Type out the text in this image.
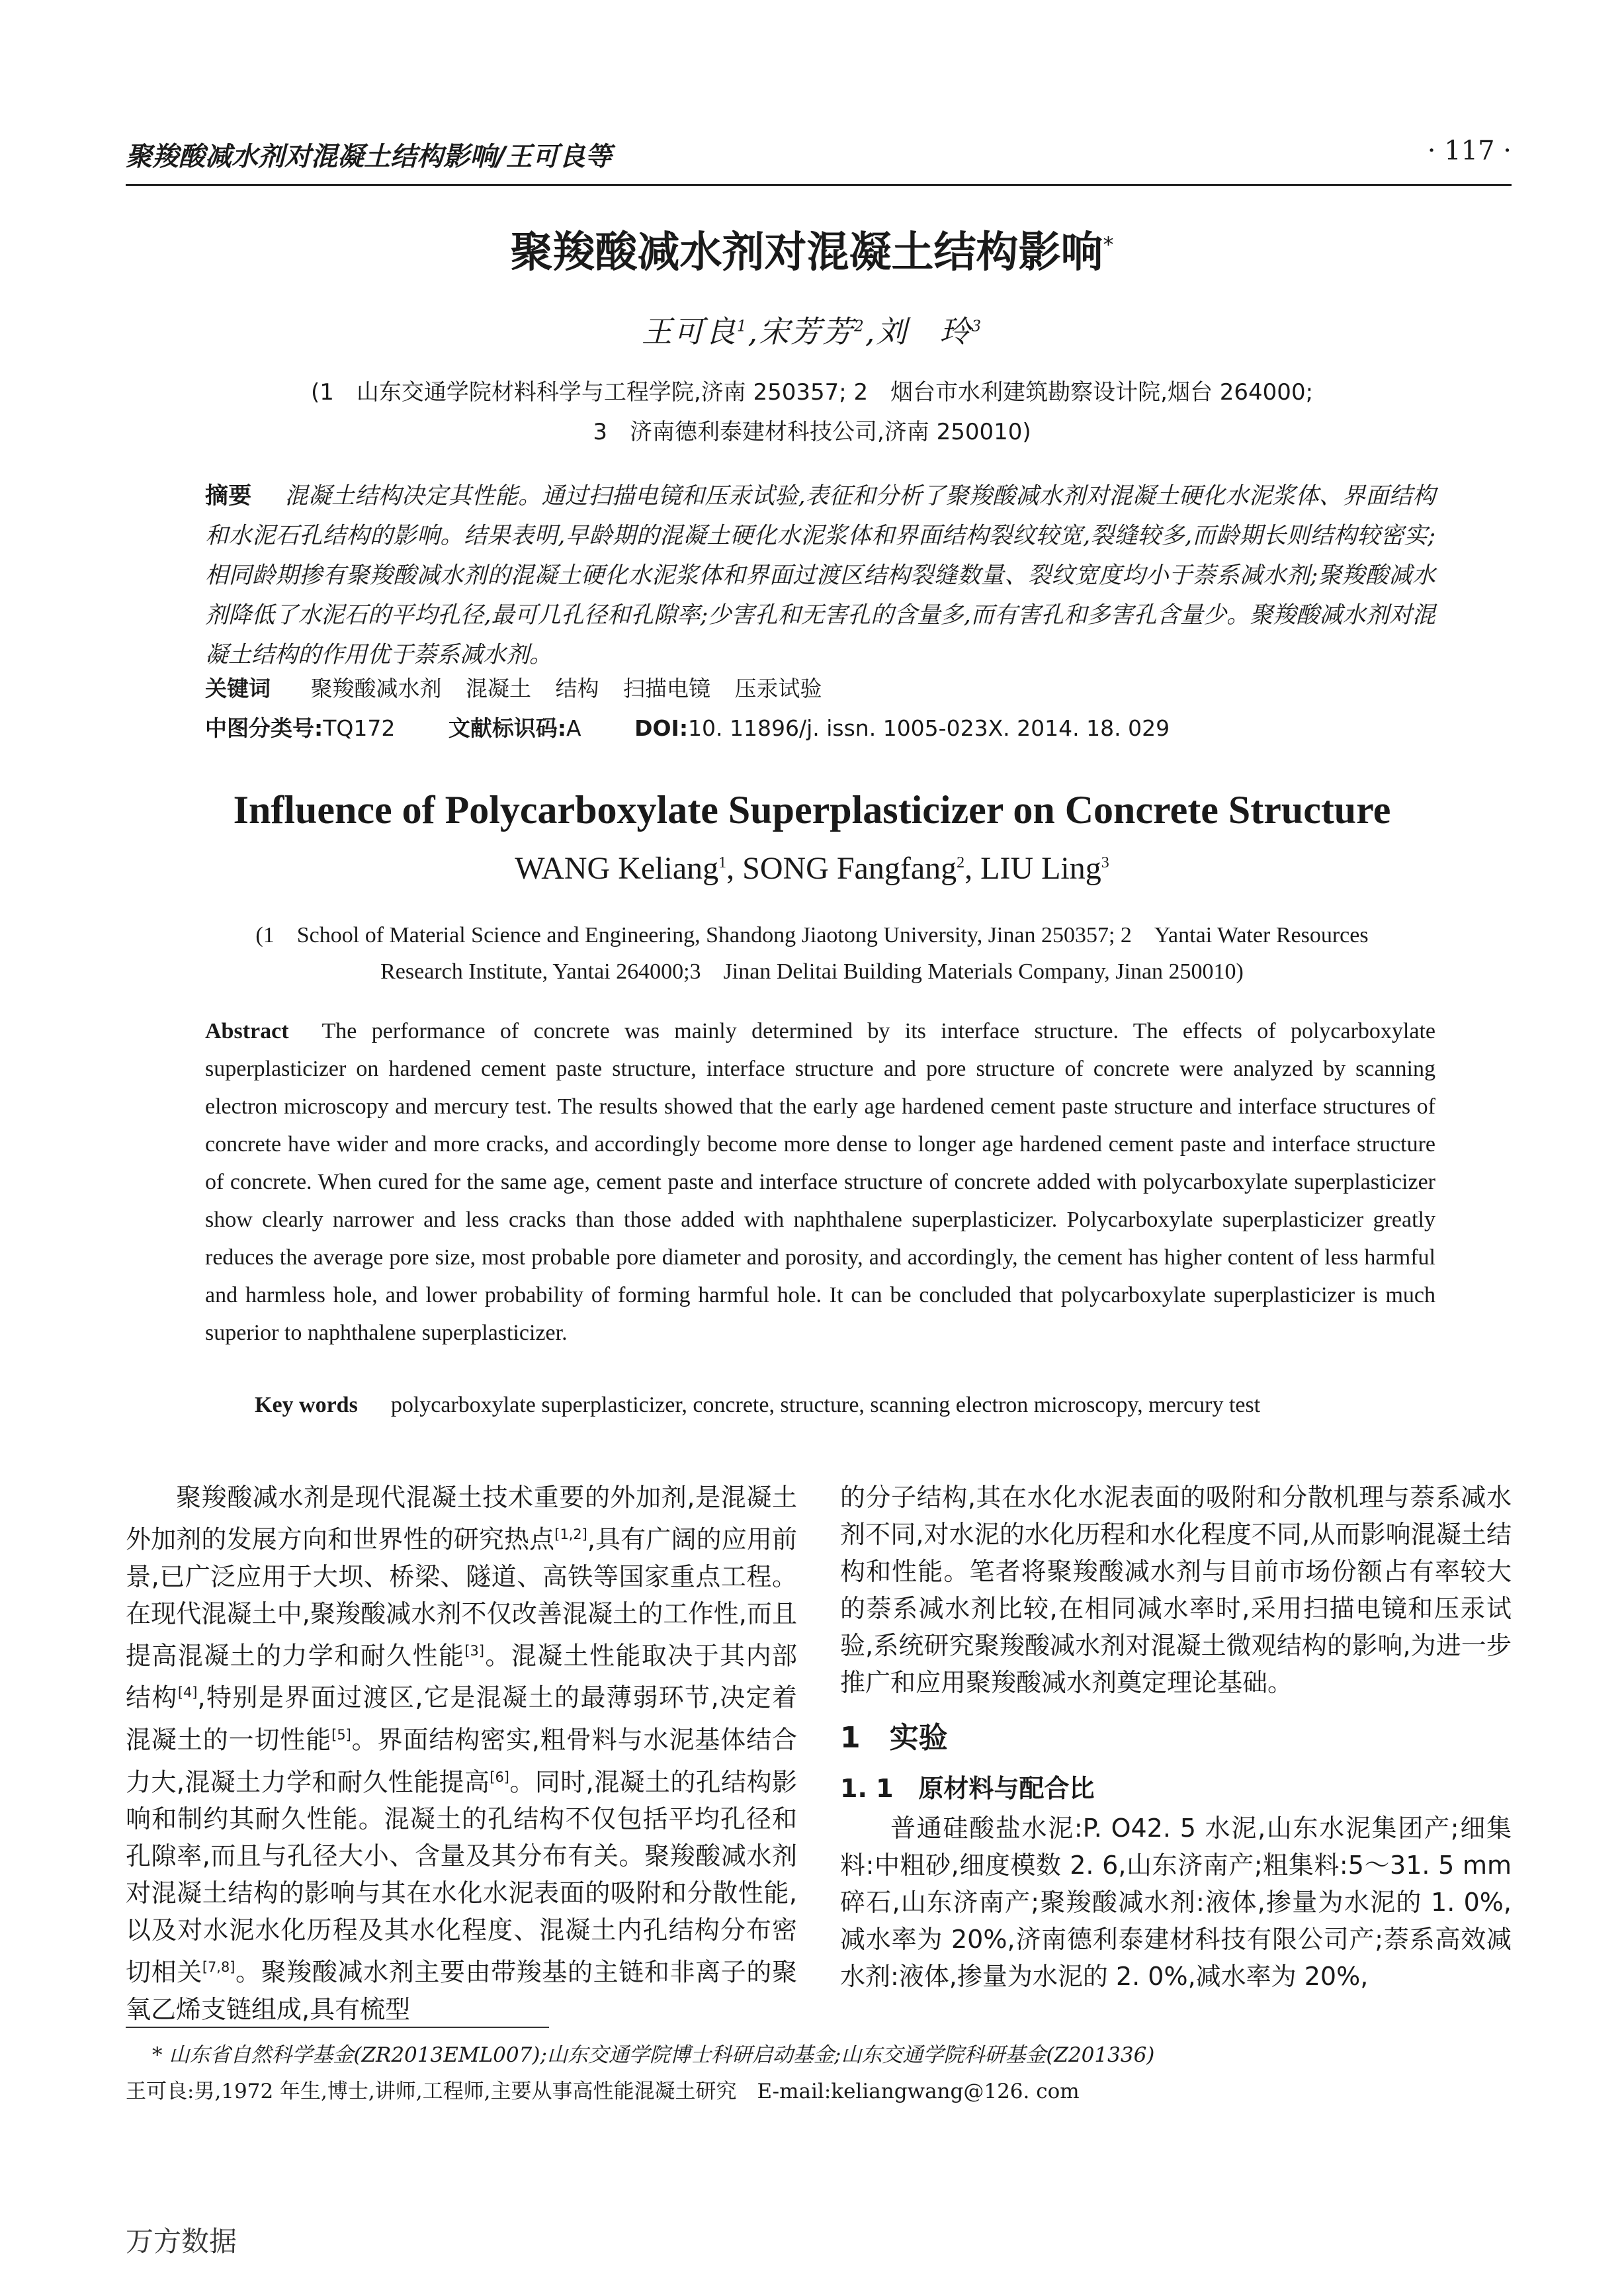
聚羧酸减水剂对混凝土结构影响/王可良等	· 117 ·
聚羧酸减水剂对混凝土结构影响*
王可良$^1$,宋芳芳$^2$,刘　玲$^3$
(1　山东交通学院材料科学与工程学院,济南 250357; 2　烟台市水利建筑勘察设计院,烟台 264000;
3　济南德利泰建材科技公司,济南 250010)
摘要 混凝土结构决定其性能。通过扫描电镜和压汞试验,表征和分析了聚羧酸减水剂对混凝土硬化水泥浆体、界面结构和水泥石孔结构的影响。结果表明,早龄期的混凝土硬化水泥浆体和界面结构裂纹较宽,裂缝较多,而龄期长则结构较密实;相同龄期掺有聚羧酸减水剂的混凝土硬化水泥浆体和界面过渡区结构裂缝数量、裂纹宽度均小于萘系减水剂;聚羧酸减水剂降低了水泥石的平均孔径,最可几孔径和孔隙率;少害孔和无害孔的含量多,而有害孔和多害孔含量少。聚羧酸减水剂对混凝土结构的作用优于萘系减水剂。
关键词 聚羧酸减水剂 混凝土 结构 扫描电镜 压汞试验
中图分类号:TQ172 文献标识码:A DOI:10. 11896/j. issn. 1005-023X. 2014. 18. 029
Influence of Polycarboxylate Superplasticizer on Concrete Structure
WANG Keliang$^1$, SONG Fangfang$^2$, LIU Ling$^3$
(1　School of Material Science and Engineering, Shandong Jiaotong University, Jinan 250357; 2　Yantai Water Resources
Research Institute, Yantai 264000;3　Jinan Delitai Building Materials Company, Jinan 250010)
Abstract The performance of concrete was mainly determined by its interface structure. The effects of polycarboxylate superplasticizer on hardened cement paste structure, interface structure and pore structure of concrete were analyzed by scanning electron microscopy and mercury test. The results showed that the early age hardened cement paste structure and interface structures of concrete have wider and more cracks, and accordingly become more dense to longer age hardened cement paste and interface structure of concrete. When cured for the same age, cement paste and interface structure of concrete added with polycarboxylate superplasticizer show clearly narrower and less cracks than those added with naphthalene superplasticizer. Polycarboxylate superplasticizer greatly reduces the average pore size, most probable pore diameter and porosity, and accordingly, the cement has higher content of less harmful and harmless hole, and lower probability of forming harmful hole. It can be concluded that polycarboxylate superplasticizer is much superior to naphthalene superplasticizer.
Key words polycarboxylate superplasticizer, concrete, structure, scanning electron microscopy, mercury test

聚羧酸减水剂是现代混凝土技术重要的外加剂,是混凝土外加剂的发展方向和世界性的研究热点[1,2],具有广阔的应用前景,已广泛应用于大坝、桥梁、隧道、高铁等国家重点工程。在现代混凝土中,聚羧酸减水剂不仅改善混凝土的工作性,而且提高混凝土的力学和耐久性能[3]。混凝土性能取决于其内部结构[4],特别是界面过渡区,它是混凝土的最薄弱环节,决定着混凝土的一切性能[5]。界面结构密实,粗骨料与水泥基体结合力大,混凝土力学和耐久性能提高[6]。同时,混凝土的孔结构影响和制约其耐久性能。混凝土的孔结构不仅包括平均孔径和孔隙率,而且与孔径大小、含量及其分布有关。聚羧酸减水剂对混凝土结构的影响与其在水化水泥表面的吸附和分散性能,以及对水泥水化历程及其水化程度、混凝土内孔结构分布密切相关[7,8]。聚羧酸减水剂主要由带羧基的主链和非离子的聚氧乙烯支链组成,具有梳型

的分子结构,其在水化水泥表面的吸附和分散机理与萘系减水剂不同,对水泥的水化历程和水化程度不同,从而影响混凝土结构和性能。笔者将聚羧酸减水剂与目前市场份额占有率较大的萘系减水剂比较,在相同减水率时,采用扫描电镜和压汞试验,系统研究聚羧酸减水剂对混凝土微观结构的影响,为进一步推广和应用聚羧酸减水剂奠定理论基础。

1　实验
1. 1　原材料与配合比

普通硅酸盐水泥:P. O42. 5 水泥,山东水泥集团产;细集料:中粗砂,细度模数 2. 6,山东济南产;粗集料:5～31. 5 mm 碎石,山东济南产;聚羧酸减水剂:液体,掺量为水泥的 1. 0%,减水率为 20%,济南德利泰建材科技有限公司产;萘系高效减水剂:液体,掺量为水泥的 2. 0%,减水率为 20%,

* 山东省自然科学基金(ZR2013EML007);山东交通学院博士科研启动基金;山东交通学院科研基金(Z201336)
王可良:男,1972 年生,博士,讲师,工程师,主要从事高性能混凝土研究　E-mail:keliangwang@126. com
万方数据
